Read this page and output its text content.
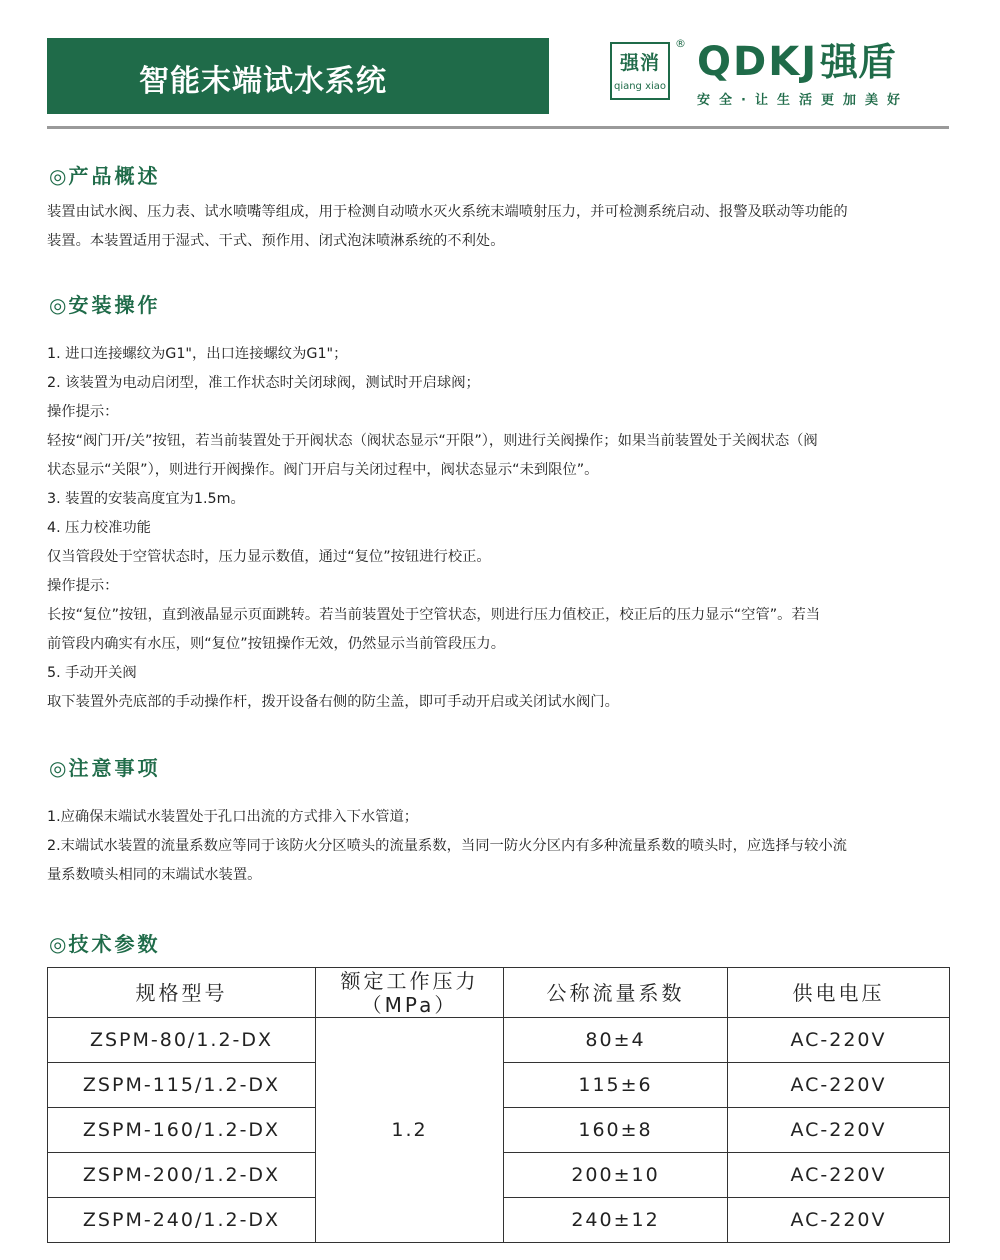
智能末端试水系统
强消
qiang xiao
® QDKJ 强盾
安全·让生活更加美好
◎ 产品概述

装置由试水阀、压力表、试水喷嘴等组成，用于检测自动喷水灭火系统末端喷射压力，并可检测系统启动、报警及联动等功能的

装置。本装置适用于湿式、干式、预作用、闭式泡沫喷淋系统的不利处。

◎ 安装操作

1. 进口连接螺纹为G1"，出口连接螺纹为G1"；

2. 该装置为电动启闭型，准工作状态时关闭球阀，测试时开启球阀；

操作提示：

轻按“阀门开/关”按钮，若当前装置处于开阀状态（阀状态显示“开限”），则进行关阀操作；如果当前装置处于关阀状态（阀

状态显示“关限”），则进行开阀操作。阀门开启与关闭过程中，阀状态显示“未到限位”。

3. 装置的安装高度宜为1.5m。

4. 压力校准功能

仅当管段处于空管状态时，压力显示数值，通过“复位”按钮进行校正。

操作提示：

长按“复位”按钮，直到液晶显示页面跳转。若当前装置处于空管状态，则进行压力值校正，校正后的压力显示“空管”。若当

前管段内确实有水压，则“复位”按钮操作无效，仍然显示当前管段压力。

5. 手动开关阀

取下装置外壳底部的手动操作杆，拨开设备右侧的防尘盖，即可手动开启或关闭试水阀门。

◎ 注意事项

1.应确保末端试水装置处于孔口出流的方式排入下水管道；

2.末端试水装置的流量系数应等同于该防火分区喷头的流量系数，当同一防火分区内有多种流量系数的喷头时，应选择与较小流

量系数喷头相同的末端试水装置。

◎ 技术参数
规格型号	额定工作压力
（MPa）	公称流量系数	供电电压
ZSPM-80/1.2-DX	1.2	80±4	AC-220V
ZSPM-115/1.2-DX		115±6	AC-220V
ZSPM-160/1.2-DX		160±8	AC-220V
ZSPM-200/1.2-DX		200±10	AC-220V
ZSPM-240/1.2-DX		240±12	AC-220V
